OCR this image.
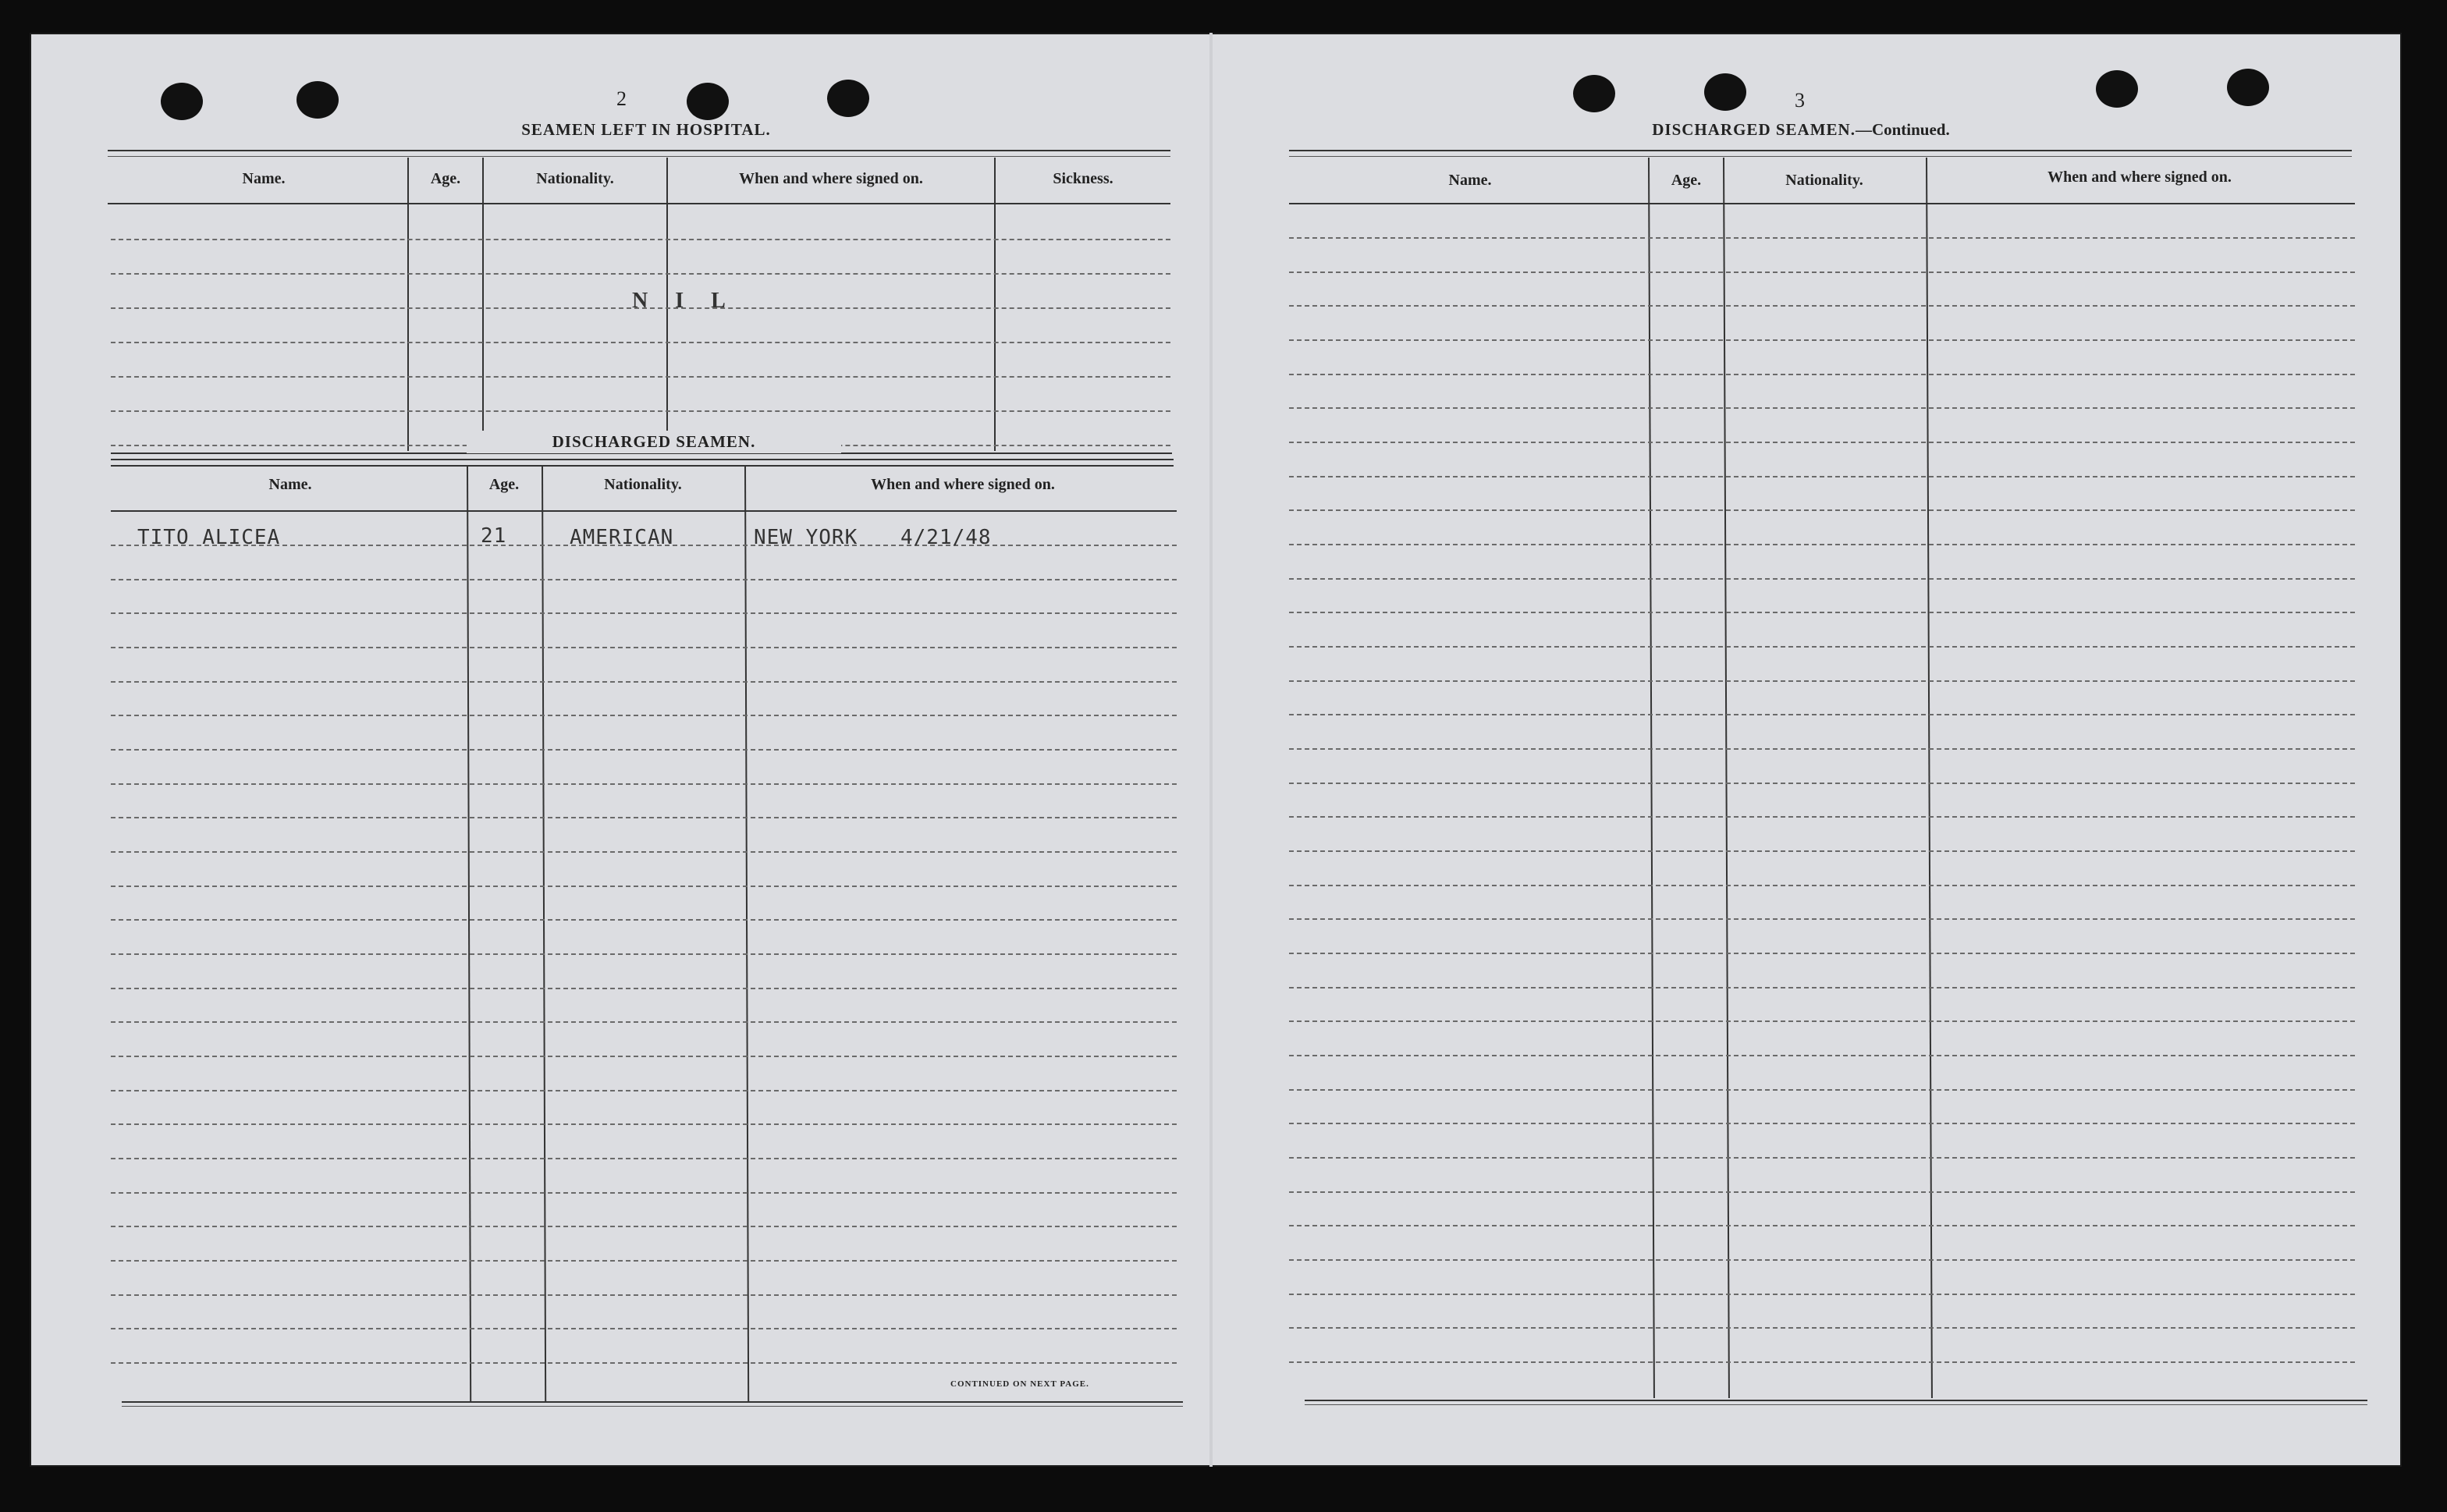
2
SEAMEN LEFT IN HOSPITAL.
Name.	Age.	Nationality.	When and where signed on.	Sickness.
N I L
DISCHARGED SEAMEN.
Name.	Age.	Nationality.	When and where signed on.
TITO ALICEA	21	AMERICAN	NEW YORK 4/21/48
CONTINUED ON NEXT PAGE.
3
DISCHARGED SEAMEN.—Continued.
Name.	Age.	Nationality.	When and where signed on.
